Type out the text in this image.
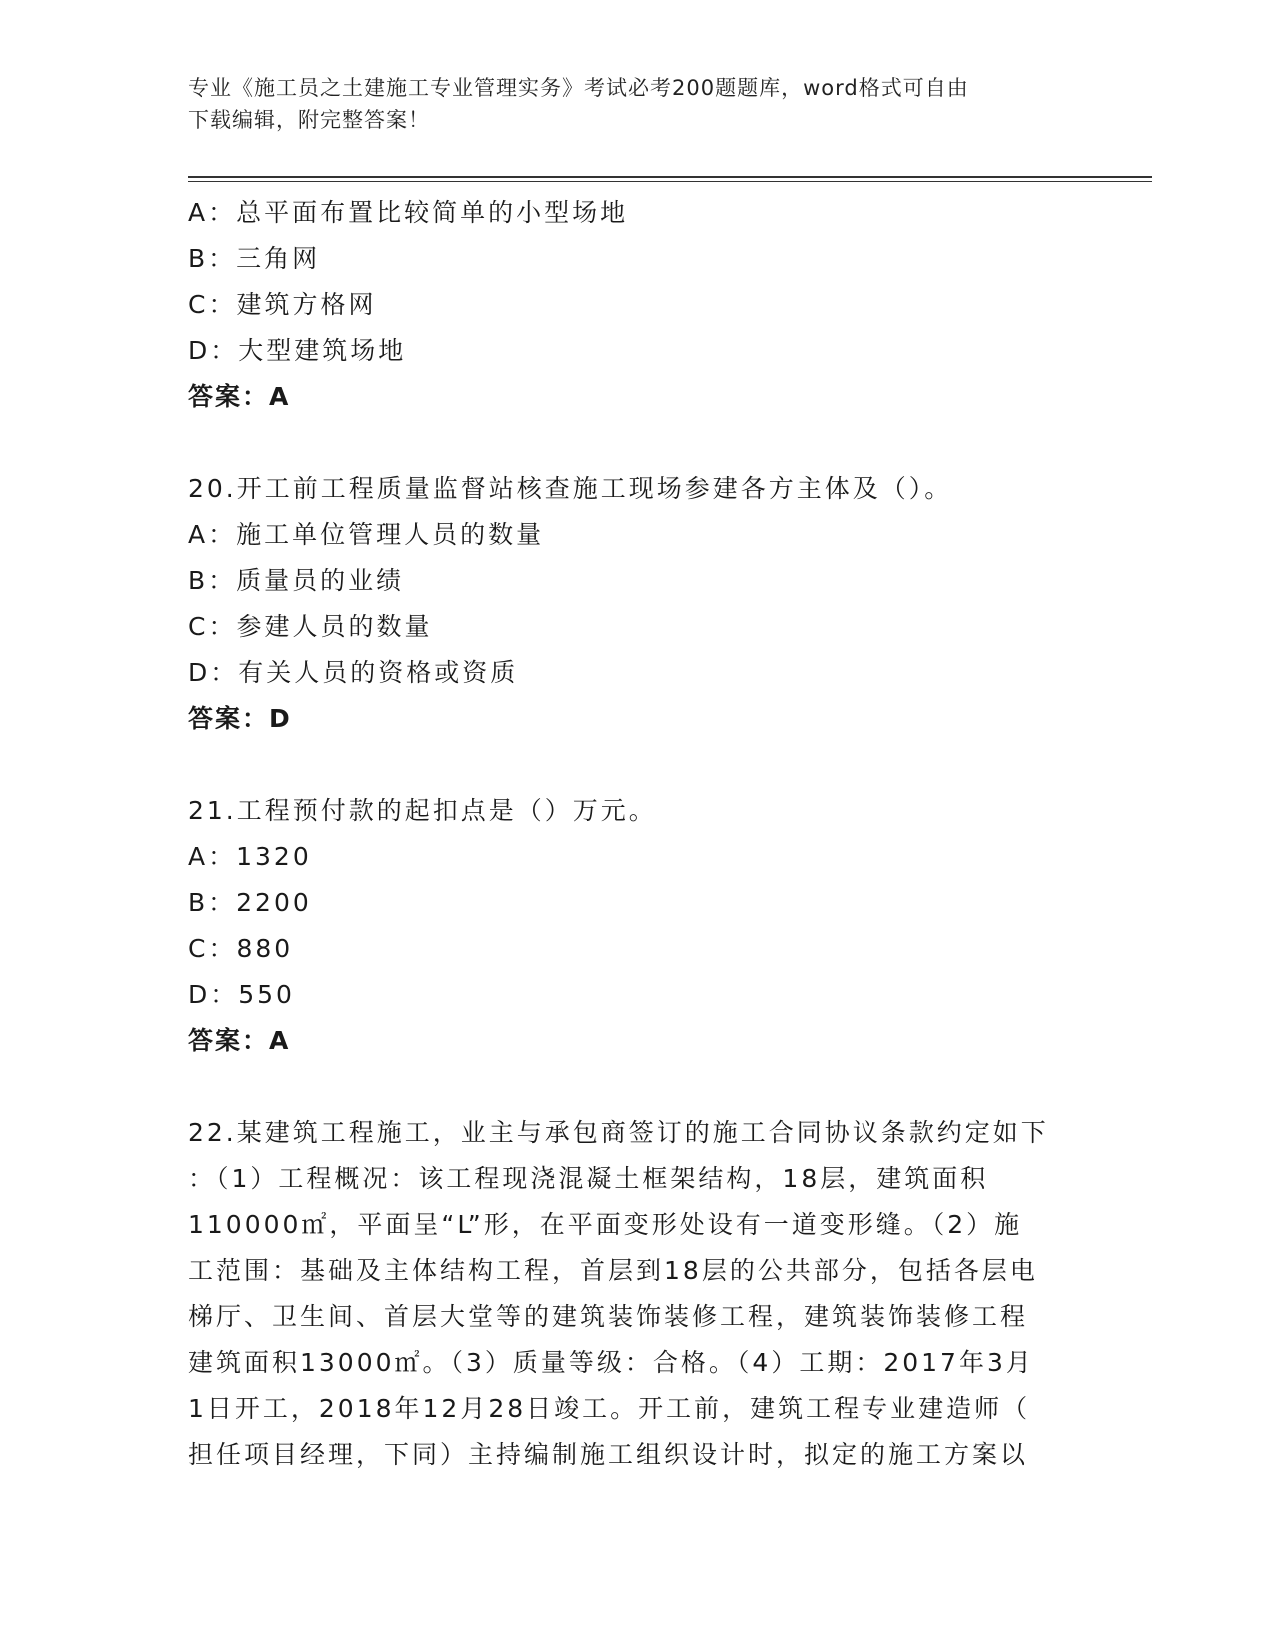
专业《施工员之土建施工专业管理实务》考试必考200题题库，word格式可自由
下载编辑，附完整答案！
A：总平面布置比较简单的小型场地
B：三角网
C：建筑方格网
D：大型建筑场地
答案：A
20.开工前工程质量监督站核查施工现场参建各方主体及（）。
A：施工单位管理人员的数量
B：质量员的业绩
C：参建人员的数量
D：有关人员的资格或资质
答案：D
21.工程预付款的起扣点是（）万元。
A：1320
B：2200
C：880
D：550
答案：A
22.某建筑工程施工，业主与承包商签订的施工合同协议条款约定如下
：（1）工程概况：该工程现浇混凝土框架结构，18层，建筑面积
110000㎡，平面呈“L”形，在平面变形处设有一道变形缝。（2）施
工范围：基础及主体结构工程，首层到18层的公共部分，包括各层电
梯厅、卫生间、首层大堂等的建筑装饰装修工程，建筑装饰装修工程
建筑面积13000㎡。（3）质量等级：合格。（4）工期：2017年3月
1日开工，2018年12月28日竣工。开工前，建筑工程专业建造师（
担任项目经理，下同）主持编制施工组织设计时，拟定的施工方案以
